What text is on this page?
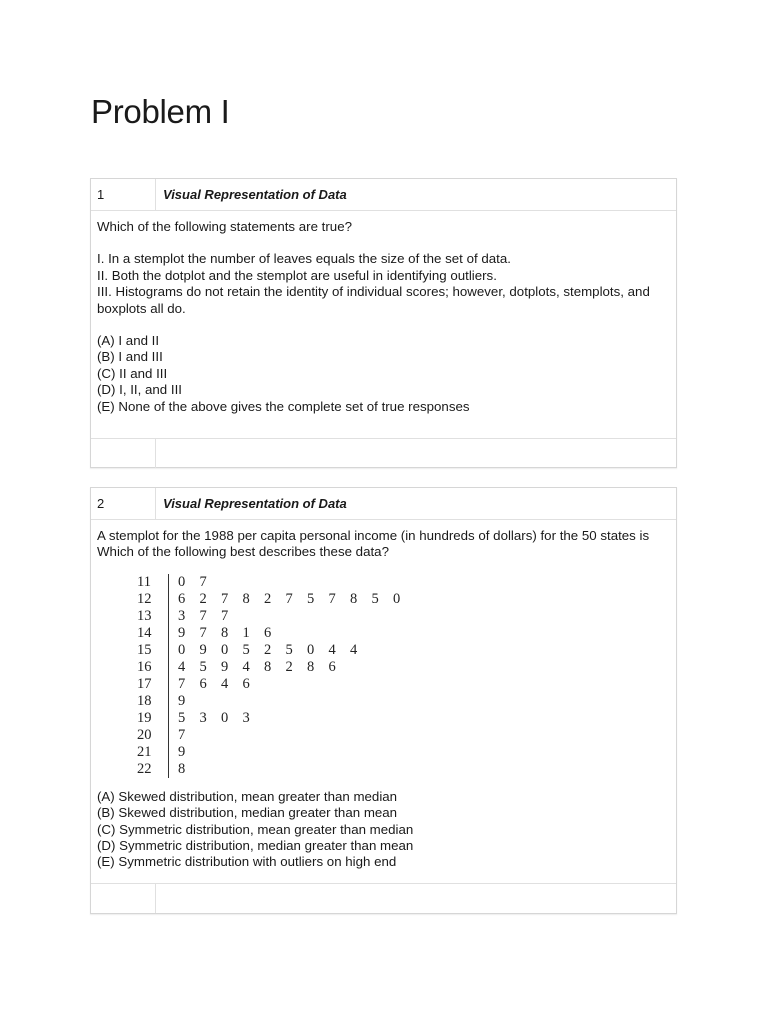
Problem I
1	Visual Representation of Data

Which of the following statements are true?

I. In a stemplot the number of leaves equals the size of the set of data.

II. Both the dotplot and the stemplot are useful in identifying outliers.

III. Histograms do not retain the identity of individual scores; however, dotplots, stemplots, and boxplots all do.

(A) I and II

(B) I and III

(C) II and III

(D) I, II, and III

(E) None of the above gives the complete set of true responses

2	Visual Representation of Data

A stemplot for the 1988 per capita personal income (in hundreds of dollars) for the 50 states is

Which of the following best describes these data?

11	0 7
12	6 2 7 8 2 7 5 7 8 5 0
13	3 7 7
14	9 7 8 1 6
15	0 9 0 5 2 5 0 4 4
16	4 5 9 4 8 2 8 6
17	7 6 4 6
18	9
19	5 3 0 3
20	7
21	9
22	8

(A) Skewed distribution, mean greater than median

(B) Skewed distribution, median greater than mean

(C) Symmetric distribution, mean greater than median

(D) Symmetric distribution, median greater than mean

(E) Symmetric distribution with outliers on high end
